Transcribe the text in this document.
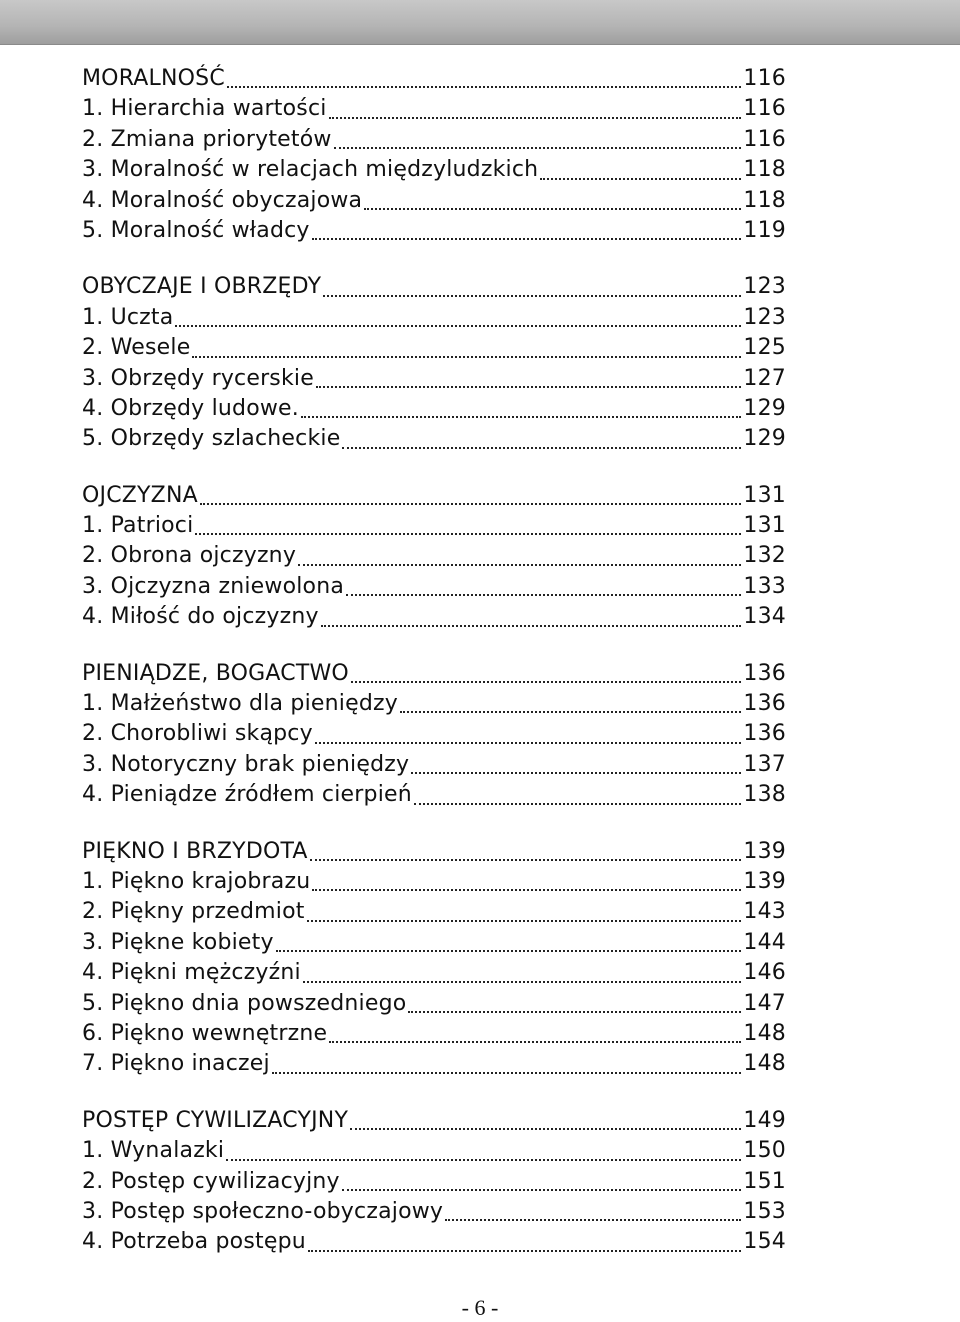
MORALNOŚĆ	116
1. Hierarchia wartości	116
2. Zmiana priorytetów	116
3. Moralność w relacjach międzyludzkich	118
4. Moralność obyczajowa	118
5. Moralność władcy	119
OBYCZAJE I OBRZĘDY	123
1. Uczta	123
2. Wesele	125
3. Obrzędy rycerskie	127
4. Obrzędy ludowe.	129
5. Obrzędy szlacheckie	129
OJCZYZNA	131
1. Patrioci	131
2. Obrona ojczyzny	132
3. Ojczyzna zniewolona	133
4. Miłość do ojczyzny	134
PIENIĄDZE, BOGACTWO	136
1. Małżeństwo dla pieniędzy	136
2. Chorobliwi skąpcy	136
3. Notoryczny brak pieniędzy	137
4. Pieniądze źródłem cierpień	138
PIĘKNO I BRZYDOTA	139
1. Piękno krajobrazu	139
2. Piękny przedmiot	143
3. Piękne kobiety	144
4. Piękni mężczyźni	146
5. Piękno dnia powszedniego	147
6. Piękno wewnętrzne	148
7. Piękno inaczej	148
POSTĘP CYWILIZACYJNY	149
1. Wynalazki	150
2. Postęp cywilizacyjny	151
3. Postęp społeczno-obyczajowy	153
4. Potrzeba postępu	154
- 6 -
